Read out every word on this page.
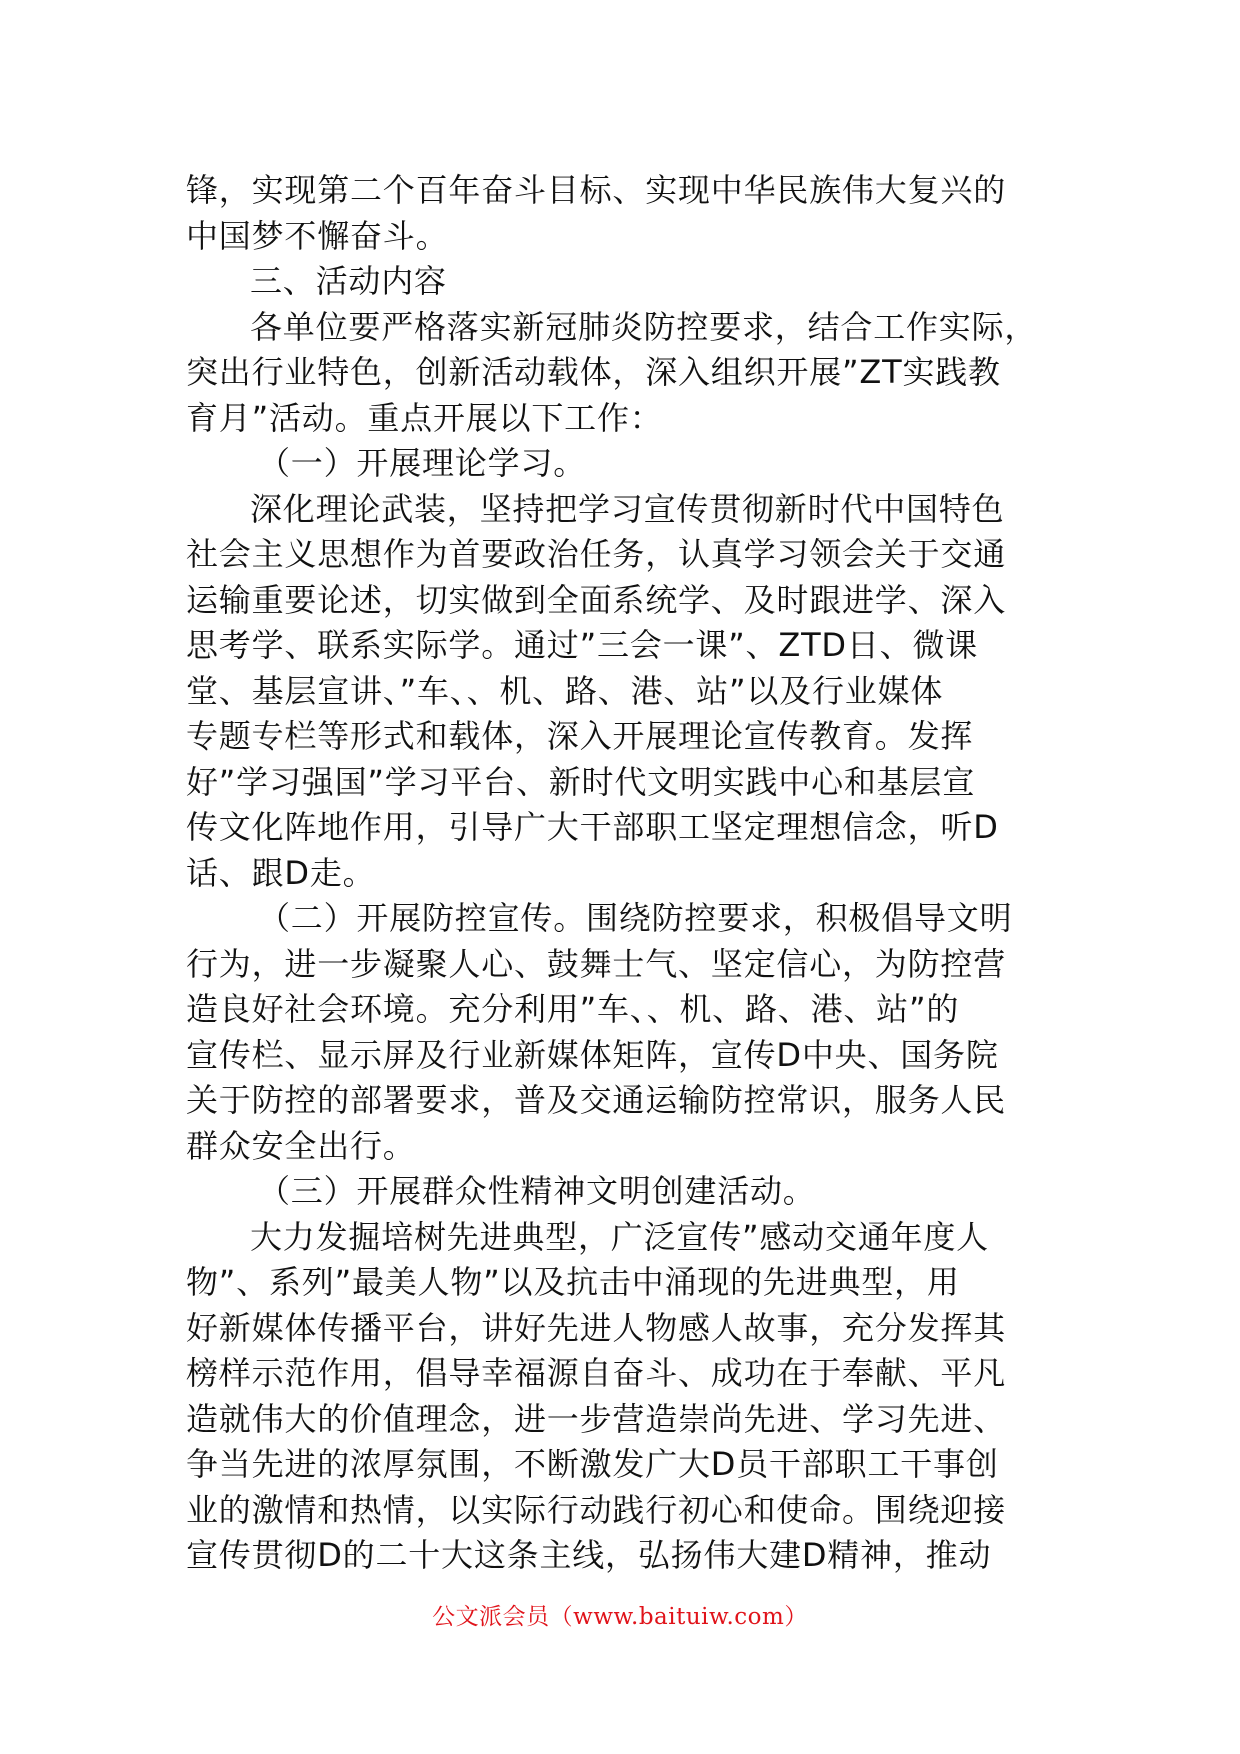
锋，实现第二个百年奋斗目标、实现中华民族伟大复兴的
中国梦不懈奋斗。
三、活动内容
各单位要严格落实新冠肺炎防控要求，结合工作实际，
突出行业特色，创新活动载体，深入组织开展”ZT实践教
育月”活动。重点开展以下工作：
（一）开展理论学习。
深化理论武装，坚持把学习宣传贯彻新时代中国特色
社会主义思想作为首要政治任务，认真学习领会关于交通
运输重要论述，切实做到全面系统学、及时跟进学、深入
思考学、联系实际学。通过”三会一课”、ZTD日、微课
堂、基层宣讲、”车、、机、路、港、站”以及行业媒体
专题专栏等形式和载体，深入开展理论宣传教育。发挥
好”学习强国”学习平台、新时代文明实践中心和基层宣
传文化阵地作用，引导广大干部职工坚定理想信念，听D
话、跟D走。
（二）开展防控宣传。围绕防控要求，积极倡导文明
行为，进一步凝聚人心、鼓舞士气、坚定信心，为防控营
造良好社会环境。充分利用”车、、机、路、港、站”的
宣传栏、显示屏及行业新媒体矩阵，宣传D中央、国务院
关于防控的部署要求，普及交通运输防控常识，服务人民
群众安全出行。
（三）开展群众性精神文明创建活动。
大力发掘培树先进典型，广泛宣传”感动交通年度人
物”、系列”最美人物”以及抗击中涌现的先进典型，用
好新媒体传播平台，讲好先进人物感人故事，充分发挥其
榜样示范作用，倡导幸福源自奋斗、成功在于奉献、平凡
造就伟大的价值理念，进一步营造崇尚先进、学习先进、
争当先进的浓厚氛围，不断激发广大D员干部职工干事创
业的激情和热情，以实际行动践行初心和使命。围绕迎接
宣传贯彻D的二十大这条主线，弘扬伟大建D精神，推动
公文派会员（www.baituiw.com）
